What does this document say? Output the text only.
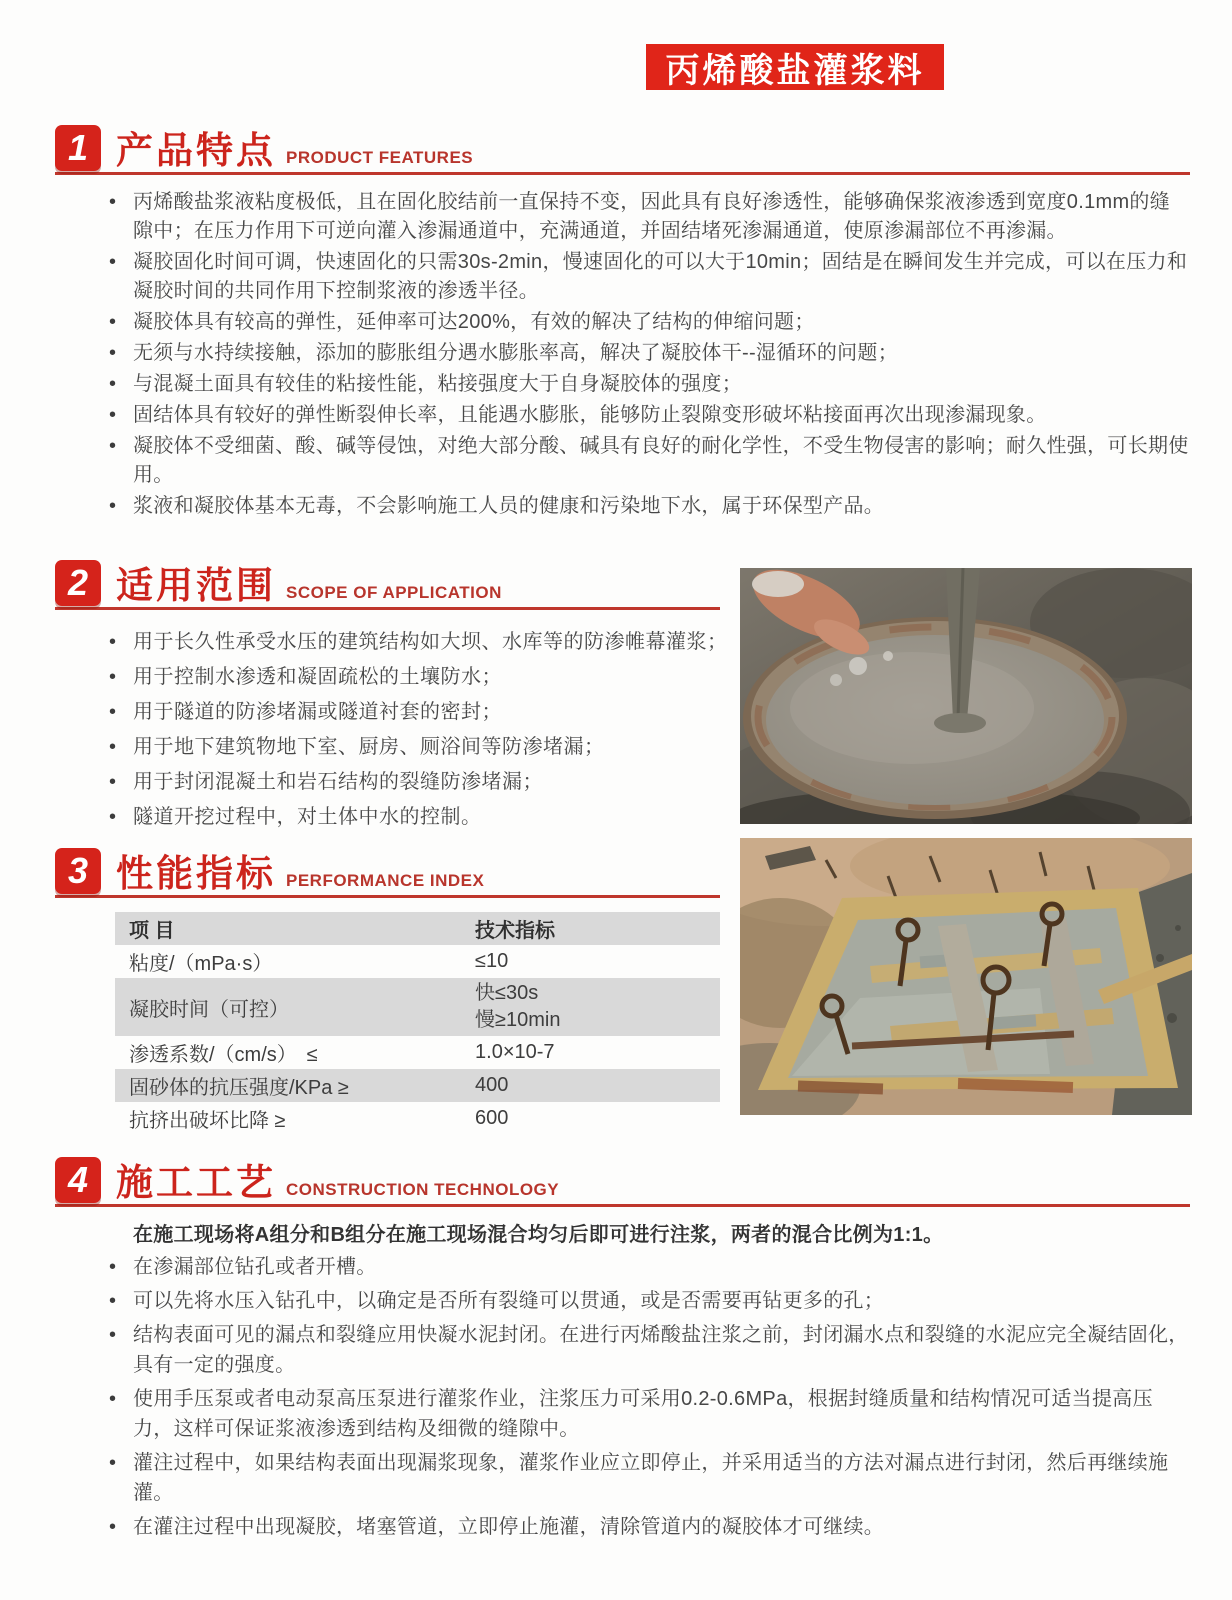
丙烯酸盐灌浆料
1 产品特点 PRODUCT FEATURES
• 丙烯酸盐浆液粘度极低，且在固化胶结前一直保持不变，因此具有良好渗透性，能够确保浆液渗透到宽度0.1mm的缝隙中；在压力作用下可逆向灌入渗漏通道中，充满通道，并固结堵死渗漏通道，使原渗漏部位不再渗漏。
• 凝胶固化时间可调，快速固化的只需30s-2min，慢速固化的可以大于10min；固结是在瞬间发生并完成，可以在压力和凝胶时间的共同作用下控制浆液的渗透半径。
• 凝胶体具有较高的弹性，延伸率可达200%，有效的解决了结构的伸缩问题；
• 无须与水持续接触，添加的膨胀组分遇水膨胀率高，解决了凝胶体干--湿循环的问题；
• 与混凝土面具有较佳的粘接性能，粘接强度大于自身凝胶体的强度；
• 固结体具有较好的弹性断裂伸长率，且能遇水膨胀，能够防止裂隙变形破坏粘接面再次出现渗漏现象。
• 凝胶体不受细菌、酸、碱等侵蚀，对绝大部分酸、碱具有良好的耐化学性，不受生物侵害的影响；耐久性强，可长期使用。
• 浆液和凝胶体基本无毒，不会影响施工人员的健康和污染地下水，属于环保型产品。
2 适用范围 SCOPE OF APPLICATION
• 用于长久性承受水压的建筑结构如大坝、水库等的防渗帷幕灌浆；
• 用于控制水渗透和凝固疏松的土壤防水；
• 用于隧道的防渗堵漏或隧道衬套的密封；
• 用于地下建筑物地下室、厨房、厕浴间等防渗堵漏；
• 用于封闭混凝土和岩石结构的裂缝防渗堵漏；
• 隧道开挖过程中，对土体中水的控制。
3 性能指标 PERFORMANCE INDEX
项 目	技术指标
粘度/（mPa·s）	≤10
凝胶时间（可控）	快≤30s
慢≥10min

渗透系数/（cm/s）　≤	1.0×10-7
固砂体的抗压强度/KPa ≥	400
抗挤出破坏比降 ≥	600
4 施工工艺 CONSTRUCTION TECHNOLOGY
在施工现场将A组分和B组分在施工现场混合均匀后即可进行注浆，两者的混合比例为1:1。
• 在渗漏部位钻孔或者开槽。
• 可以先将水压入钻孔中，以确定是否所有裂缝可以贯通，或是否需要再钻更多的孔；
• 结构表面可见的漏点和裂缝应用快凝水泥封闭。在进行丙烯酸盐注浆之前，封闭漏水点和裂缝的水泥应完全凝结固化，具有一定的强度。
• 使用手压泵或者电动泵高压泵进行灌浆作业，注浆压力可采用0.2-0.6MPa，根据封缝质量和结构情况可适当提高压力，这样可保证浆液渗透到结构及细微的缝隙中。
• 灌注过程中，如果结构表面出现漏浆现象，灌浆作业应立即停止，并采用适当的方法对漏点进行封闭，然后再继续施灌。
• 在灌注过程中出现凝胶，堵塞管道，立即停止施灌，清除管道内的凝胶体才可继续。
